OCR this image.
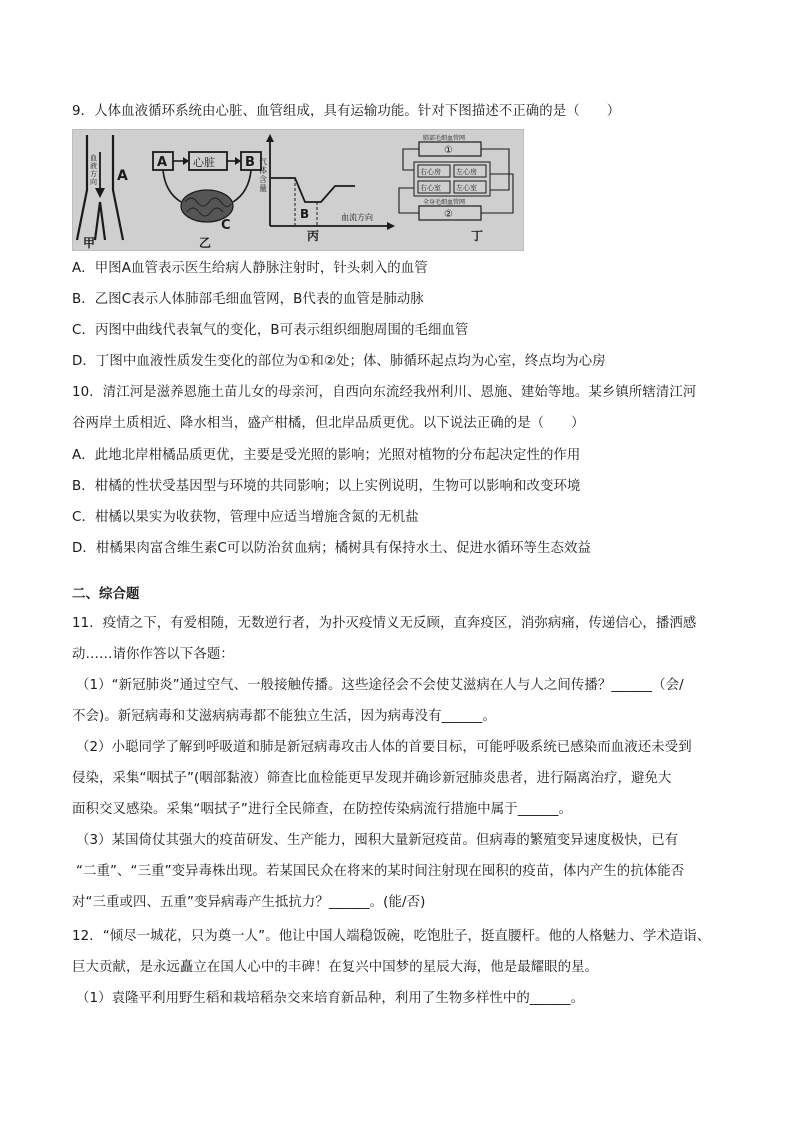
9．人体血液循环系统由心脏、血管组成，具有运输功能。针对下图描述不正确的是（　　）
A
血
液
方
向
甲
A 心脏 B
C
乙
气
体
含
量
B	血流方向
丙
肺部毛细血管网
①
右心房 左心房
右心室 左心室
全身毛细血管网
②
丁
A．甲图A血管表示医生给病人静脉注射时，针头刺入的血管
B．乙图C表示人体肺部毛细血管网，B代表的血管是肺动脉
C．丙图中曲线代表氧气的变化，B可表示组织细胞周围的毛细血管
D．丁图中血液性质发生变化的部位为①和②处；体、肺循环起点均为心室，终点均为心房
10．清江河是滋养恩施土苗儿女的母亲河，自西向东流经我州利川、恩施、建始等地。某乡镇所辖清江河
谷两岸土质相近、降水相当，盛产柑橘，但北岸品质更优。以下说法正确的是（　　）
A．此地北岸柑橘品质更优，主要是受光照的影响；光照对植物的分布起决定性的作用
B．柑橘的性状受基因型与环境的共同影响；以上实例说明，生物可以影响和改变环境
C．柑橘以果实为收获物，管理中应适当增施含氮的无机盐
D．柑橘果肉富含维生素C可以防治贫血病；橘树具有保持水土、促进水循环等生态效益
二、综合题
11．疫情之下，有爱相随，无数逆行者，为扑灭疫情义无反顾，直奔疫区，消弥病痛，传递信心，播洒感
动……请你作答以下各题：
（1）“新冠肺炎”通过空气、一般接触传播。这些途径会不会使艾滋病在人与人之间传播？______（会/
不会)。新冠病毒和艾滋病病毒都不能独立生活，因为病毒没有______。
（2）小聪同学了解到呼吸道和肺是新冠病毒攻击人体的首要目标，可能呼吸系统已感染而血液还未受到
侵染，采集“咽拭子”(咽部黏液）筛查比血检能更早发现并确诊新冠肺炎患者，进行隔离治疗，避免大
面积交叉感染。采集“咽拭子”进行全民筛查，在防控传染病流行措施中属于______。
（3）某国倚仗其强大的疫苗研发、生产能力，囤积大量新冠疫苗。但病毒的繁殖变异速度极快，已有
“二重”、“三重”变异毒株出现。若某国民众在将来的某时间注射现在囤积的疫苗，体内产生的抗体能否
对“三重或四、五重”变异病毒产生抵抗力？______。(能/否)
12．“倾尽一城花，只为奠一人”。他让中国人端稳饭碗，吃饱肚子，挺直腰杆。他的人格魅力、学术造诣、
巨大贡献，是永远矗立在国人心中的丰碑！在复兴中国梦的星辰大海，他是最耀眼的星。
（1）袁隆平利用野生稻和栽培稻杂交来培育新品种，利用了生物多样性中的______。
